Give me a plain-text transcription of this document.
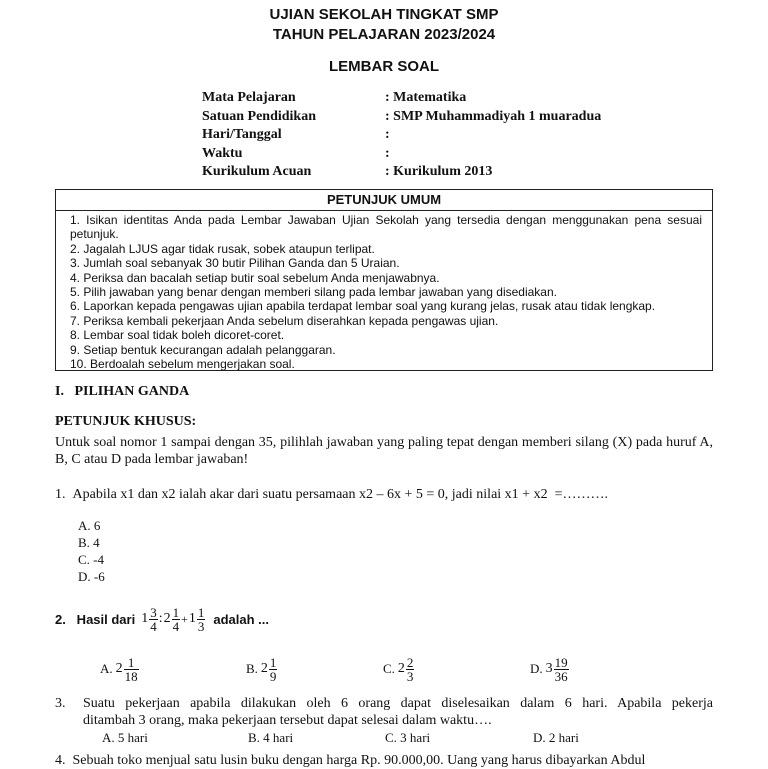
UJIAN SEKOLAH TINGKAT SMP
TAHUN PELAJARAN 2023/2024
LEMBAR SOAL
Mata Pelajaran	: Matematika
Satuan Pendidikan	: SMP Muhammadiyah 1 muaradua
Hari/Tanggal	:
Waktu	:
Kurikulum Acuan	: Kurikulum 2013
PETUNJUK UMUM
1. Isikan identitas Anda pada Lembar Jawaban Ujian Sekolah yang tersedia dengan menggunakan pena sesuai petunjuk.
2. Jagalah LJUS agar tidak rusak, sobek ataupun terlipat.
3. Jumlah soal sebanyak 30 butir Pilihan Ganda dan 5 Uraian.
4. Periksa dan bacalah setiap butir soal sebelum Anda menjawabnya.
5. Pilih jawaban yang benar dengan memberi silang pada lembar jawaban yang disediakan.
6. Laporkan kepada pengawas ujian apabila terdapat lembar soal yang kurang jelas, rusak atau tidak lengkap.
7. Periksa kembali pekerjaan Anda sebelum diserahkan kepada pengawas ujian.
8. Lembar soal tidak boleh dicoret-coret.
9. Setiap bentuk kecurangan adalah pelanggaran.
10. Berdoalah sebelum mengerjakan soal.
I.   PILIHAN GANDA
PETUNJUK KHUSUS:
Untuk soal nomor 1 sampai dengan 35, pilihlah jawaban yang paling tepat dengan memberi silang (X) pada huruf A, B, C atau D pada lembar jawaban!
1.  Apabila x1 dan x2 ialah akar dari suatu persamaan x2 – 6x + 5 = 0, jadi nilai x1 + x2  =……….
A. 6
B. 4
C. -4
D. -6
2.   Hasil dari $1 \frac{3}{4}$ : $2 \frac{1}{4} + 1 \frac{1}{3}$ adalah ...
A. $2 \frac{1}{18}$	B. $2 \frac{1}{9}$	C. $2 \frac{2}{3}$	D. $3 \frac{19}{36}$
3. Suatu pekerjaan apabila dilakukan oleh 6 orang dapat diselesaikan dalam 6 hari. Apabila pekerja
ditambah 3 orang, maka pekerjaan tersebut dapat selesai dalam waktu….
A. 5 hari	B. 4 hari	C. 3 hari	D. 2 hari
4.  Sebuah toko menjual satu lusin buku dengan harga Rp. 90.000,00. Uang yang harus dibayarkan Abdul
